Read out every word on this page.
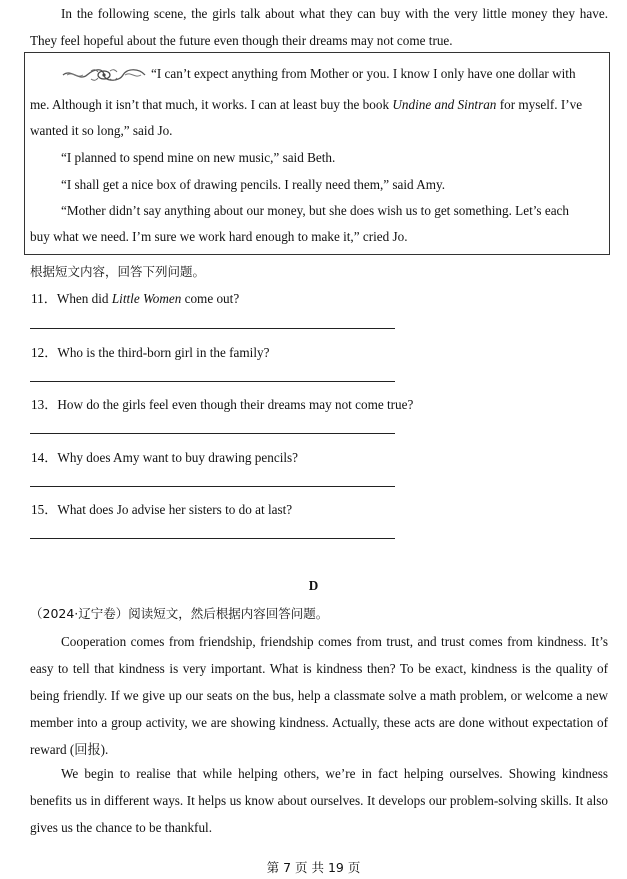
In the following scene, the girls talk about what they can buy with the very little money they have. They feel hopeful about the future even though their dreams may not come true.
“I can’t expect anything from Mother or you. I know I only have one dollar with
me. Although it isn’t that much, it works. I can at least buy the book Undine and Sintran for myself. I’ve
wanted it so long,” said Jo.
“I planned to spend mine on new music,” said Beth.
“I shall get a nice box of drawing pencils. I really need them,” said Amy.
“Mother didn’t say anything about our money, but she does wish us to get something. Let’s each
buy what we need. I’m sure we work hard enough to make it,” cried Jo.
根据短文内容，回答下列问题。
11．When did Little Women come out?
12．Who is the third-born girl in the family?
13．How do the girls feel even though their dreams may not come true?
14．Why does Amy want to buy drawing pencils?
15．What does Jo advise her sisters to do at last?
D
（2024·辽宁卷）阅读短文，然后根据内容回答问题。
Cooperation comes from friendship, friendship comes from trust, and trust comes from kindness. It’s easy to tell that kindness is very important. What is kindness then? To be exact, kindness is the quality of being friendly. If we give up our seats on the bus, help a classmate solve a math problem, or welcome a new member into a group activity, we are showing kindness. Actually, these acts are done without expectation of reward (回报).
We begin to realise that while helping others, we’re in fact helping ourselves. Showing kindness benefits us in different ways. It helps us know about ourselves. It develops our problem-solving skills. It also gives us the chance to be thankful.
第 7 页 共 19 页
